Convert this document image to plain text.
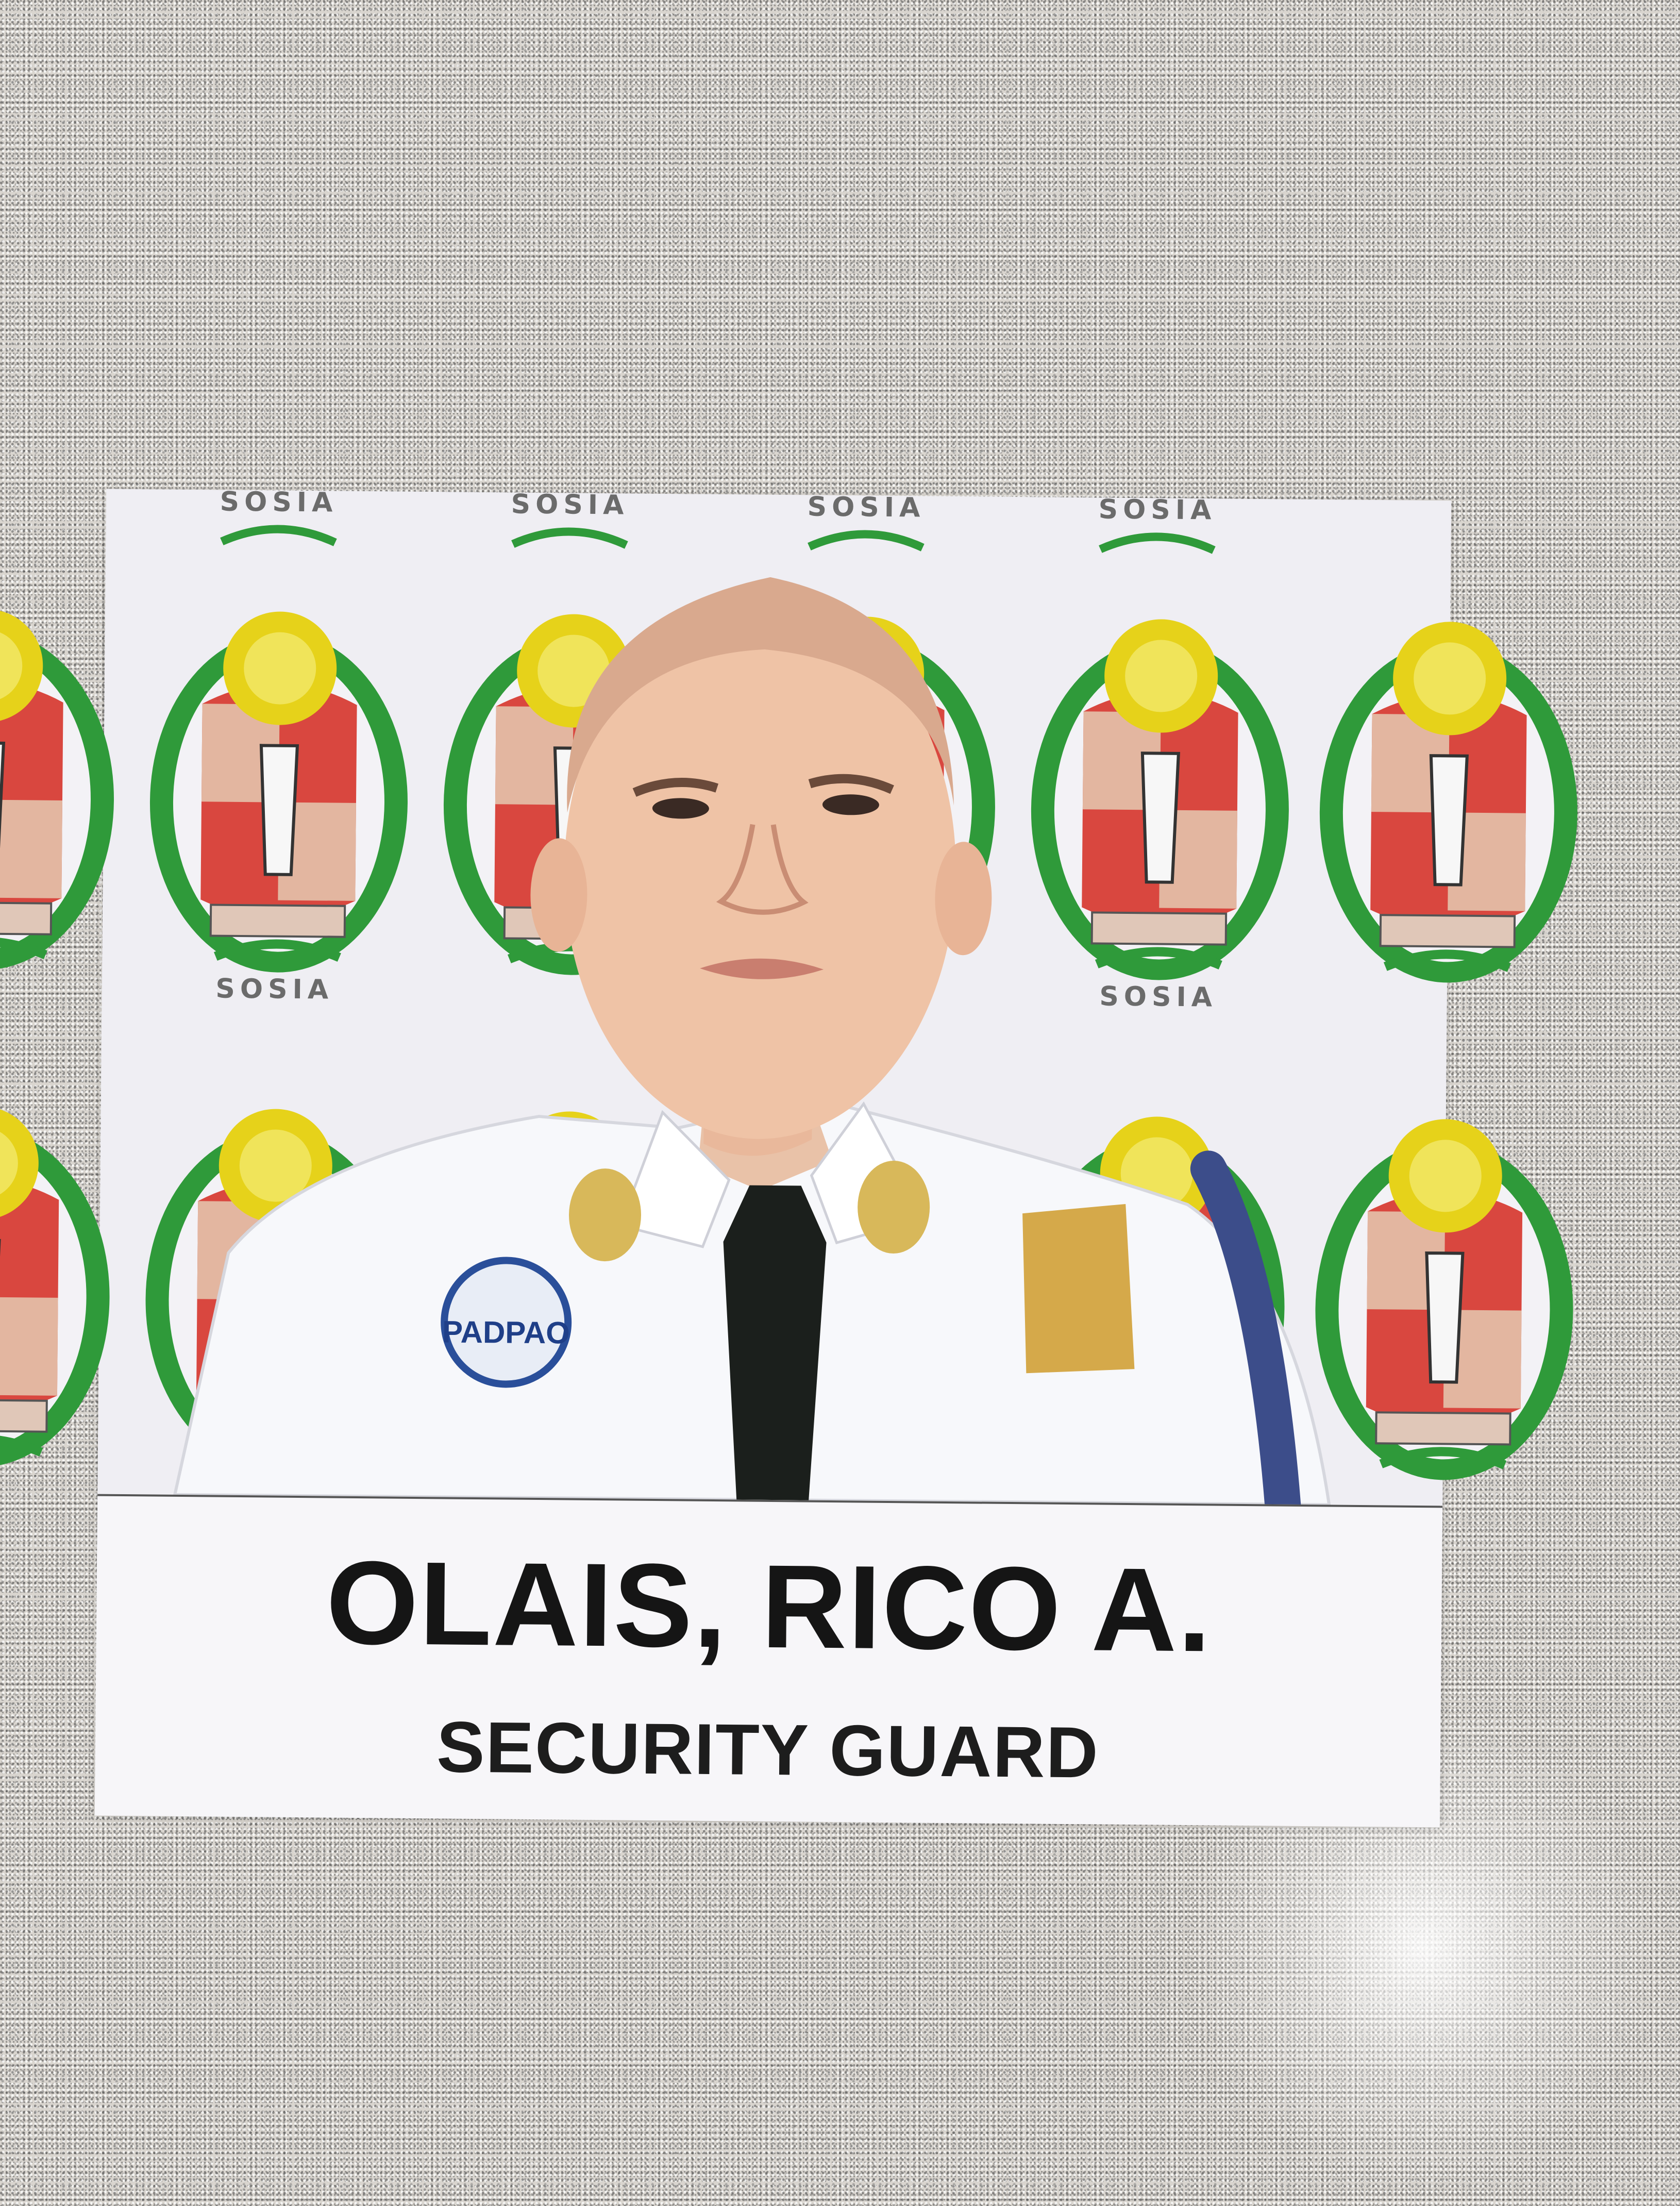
SOSIA
SOSIA	SOSIA
PADPAO
OLAIS, RICO A.
SECURITY GUARD
